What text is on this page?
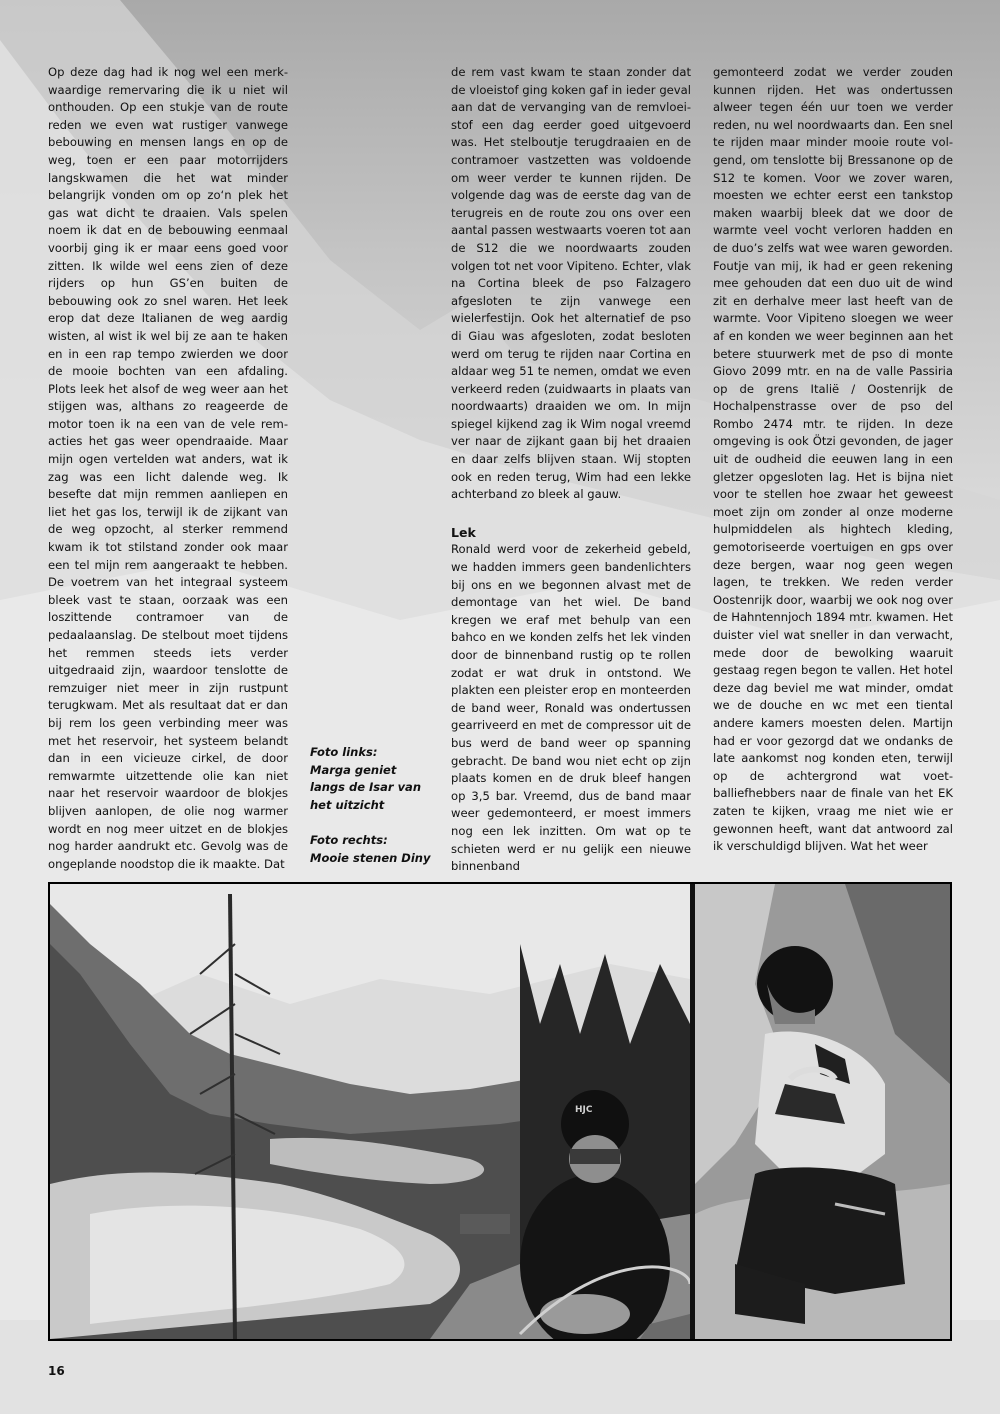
Op deze dag had ik nog wel een merkwaardige remervaring die ik u niet wil onthouden. Op een stukje van de route reden we even wat rustiger vanwege bebouwing en mensen langs en op de weg, toen er een paar motorrijders langskwamen die het wat minder belangrijk vonden om op zo‘n plek het gas wat dicht te draaien. Vals spelen noem ik dat en de bebouwing eenmaal voorbij ging ik er maar eens goed voor zitten. Ik wilde wel eens zien of deze rijders op hun GS’en buiten de bebouwing ook zo snel waren. Het leek erop dat deze Italianen de weg aardig wisten, al wist ik wel bij ze aan te haken en in een rap tempo zwierden we door de mooie bochten van een afdaling. Plots leek het alsof de weg weer aan het stijgen was, althans zo reageerde de motor toen ik na een van de vele remacties het gas weer opendraaide. Maar mijn ogen vertelden wat anders, wat ik zag was een licht dalende weg. Ik besefte dat mijn remmen aanliepen en liet het gas los, terwijl ik de zijkant van de weg opzocht, al sterker remmend kwam ik tot stilstand zonder ook maar een tel mijn rem aangeraakt te hebben. De voetrem van het integraal systeem bleek vast te staan, oorzaak was een loszittende contramoer van de pedaalaanslag. De stelbout moet tijdens het remmen steeds iets verder uitgedraaid zijn, waardoor tenslotte de remzuiger niet meer in zijn rustpunt terugkwam. Met als resultaat dat er dan bij rem los geen verbinding meer was met het reservoir, het systeem belandt dan in een vicieuze cirkel, de door remwarmte uitzettende olie kan niet naar het reservoir waardoor de blokjes blijven aanlopen, de olie nog warmer wordt en nog meer uitzet en de blokjes nog harder aandrukt etc. Gevolg was de ongeplande noodstop die ik maakte. Dat

de rem vast kwam te staan zonder dat de vloeistof ging koken gaf in ieder geval aan dat de vervanging van de remvloeistof een dag eerder goed uitgevoerd was. Het stelboutje terugdraaien en de contramoer vastzetten was voldoende om weer verder te kunnen rijden. De volgende dag was de eerste dag van de terugreis en de route zou ons over een aantal passen westwaarts voeren tot aan de S12 die we noordwaarts zouden volgen tot net voor Vipiteno. Echter, vlak na Cortina bleek de pso Falzagero afgesloten te zijn vanwege een wielerfestijn. Ook het alternatief de pso di Giau was afgesloten, zodat besloten werd om terug te rijden naar Cortina en aldaar weg 51 te nemen, omdat we even verkeerd reden (zuidwaarts in plaats van noordwaarts) draaiden we om. In mijn spiegel kijkend zag ik Wim nogal vreemd ver naar de zijkant gaan bij het draaien en daar zelfs blijven staan. Wij stopten ook en reden terug, Wim had een lekke achterband zo bleek al gauw.

Lek

Ronald werd voor de zekerheid gebeld, we hadden immers geen bandenlichters bij ons en we begonnen alvast met de demontage van het wiel. De band kregen we eraf met behulp van een bahco en we konden zelfs het lek vinden door de binnenband rustig op te rollen zodat er wat druk in ontstond. We plakten een pleister erop en monteerden de band weer, Ronald was ondertussen gearriveerd en met de compressor uit de bus werd de band weer op spanning gebracht. De band wou niet echt op zijn plaats komen en de druk bleef hangen op 3,5 bar. Vreemd, dus de band maar weer gedemonteerd, er moest immers nog een lek inzitten. Om wat op te schieten werd er nu gelijk een nieuwe binnenband

gemonteerd zodat we verder zouden kunnen rijden. Het was ondertussen alweer tegen één uur toen we verder reden, nu wel noordwaarts dan. Een snel te rijden maar minder mooie route volgend, om tenslotte bij Bressanone op de S12 te komen. Voor we zover waren, moesten we echter eerst een tankstop maken waarbij bleek dat we door de warmte veel vocht verloren hadden en de duo’s zelfs wat wee waren geworden. Foutje van mij, ik had er geen rekening mee gehouden dat een duo uit de wind zit en derhalve meer last heeft van de warmte. Voor Vipiteno sloegen we weer af en konden we weer beginnen aan het betere stuurwerk met de pso di monte Giovo 2099 mtr. en na de valle Passiria op de grens Italië / Oostenrijk de Hochalpenstrasse over de pso del Rombo 2474 mtr. te rijden. In deze omgeving is ook Ötzi gevonden, de jager uit de oudheid die eeuwen lang in een gletzer opgesloten lag. Het is bijna niet voor te stellen hoe zwaar het geweest moet zijn om zonder al onze moderne hulpmiddelen als hightech kleding, gemotoriseerde voertuigen en gps over deze bergen, waar nog geen wegen lagen, te trekken. We reden verder Oostenrijk door, waarbij we ook nog over de Hahntennjoch 1894 mtr. kwamen. Het duister viel wat sneller in dan verwacht, mede door de bewolking waaruit gestaag regen begon te vallen. Het hotel deze dag beviel me wat minder, omdat we de douche en wc met een tiental andere kamers moesten delen. Martijn had er voor gezorgd dat we ondanks de late aankomst nog konden eten, terwijl op de achtergrond wat voetballiefhebbers naar de finale van het EK zaten te kijken, vraag me niet wie er gewonnen heeft, want dat antwoord zal ik verschuldigd blijven. Wat het weer

Foto links:
Marga geniet langs de Isar van het uitzicht
Foto rechts:
Mooie stenen Diny
HJC
16
